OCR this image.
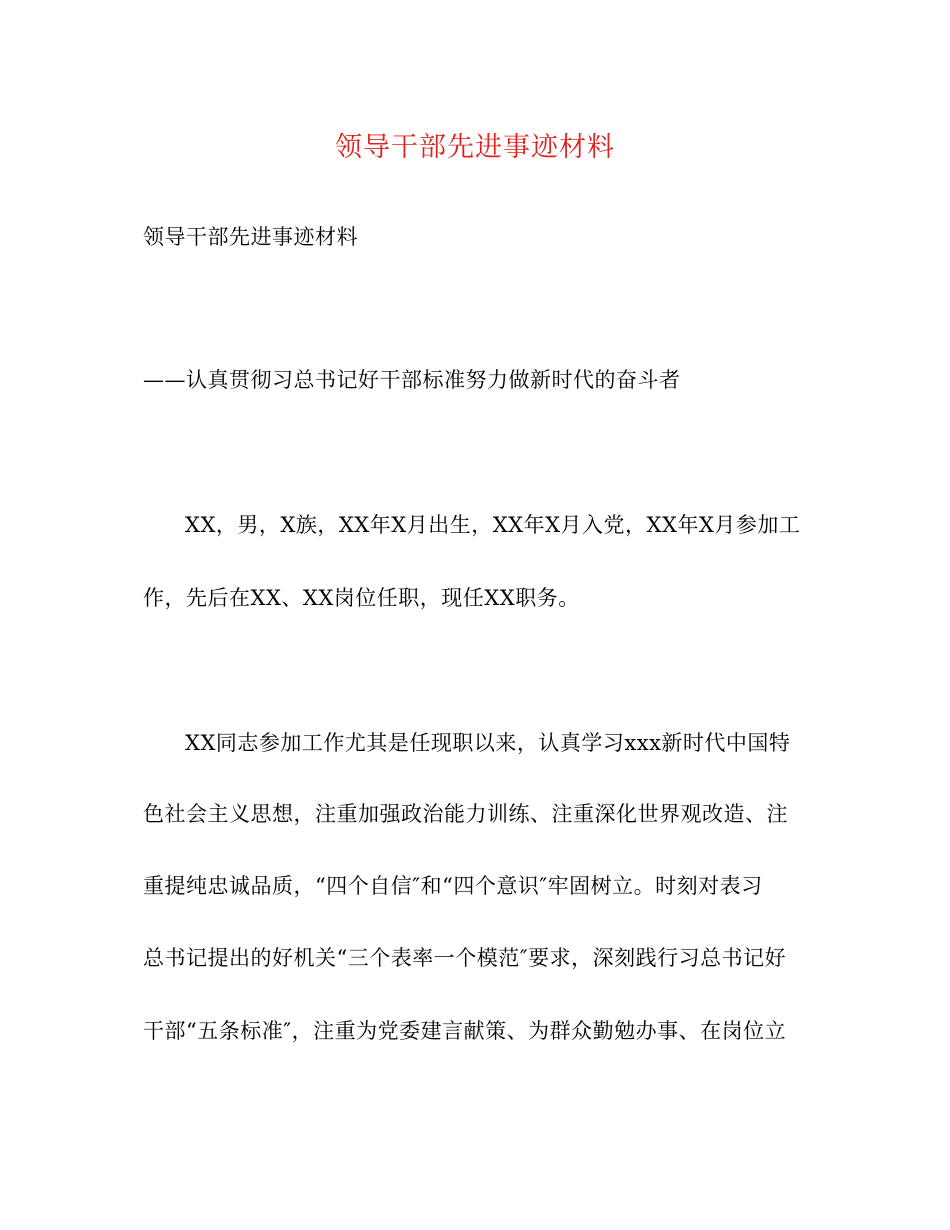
领导干部先进事迹材料
领导干部先进事迹材料
——认真贯彻习总书记好干部标准努力做新时代的奋斗者
XX，男，X族，XX年X月出生，XX年X月入党，XX年X月参加工
作，先后在XX、XX岗位任职，现任XX职务。
XX同志参加工作尤其是任现职以来，认真学习xxx新时代中国特
色社会主义思想，注重加强政治能力训练、注重深化世界观改造、注
重提纯忠诚品质，“四个自信″和“四个意识″牢固树立。时刻对表习
总书记提出的好机关“三个表率一个模范″要求，深刻践行习总书记好
干部“五条标准″，注重为党委建言献策、为群众勤勉办事、在岗位立
